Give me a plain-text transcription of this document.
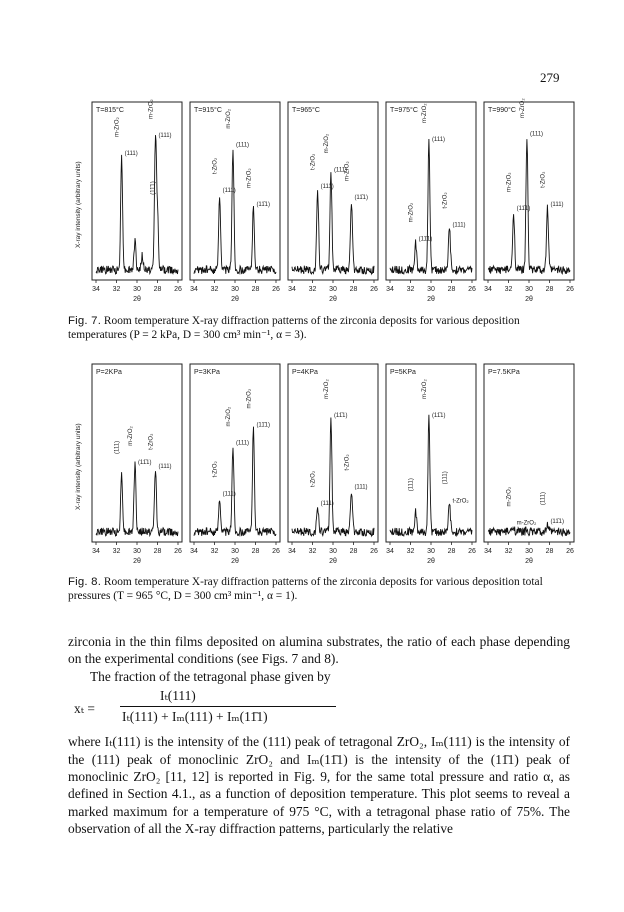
279
X-ray intensity (arbitrary units)
T=815°C
34 32 30 28 26
2θ
m-ZrO₂
(111)
m-ZrO₂
(111)
(11̄1)
T=915°C
34 32 30 28 26
2θ
m-ZrO₂
(111)
t-ZrO₂
(111)
m-ZrO₂
(11̄1)
T=965°C
34 32 30 28 26
2θ
m-ZrO₂
(111)
t-ZrO₂
(111)
m-ZrO₂
(11̄1)
T=975°C
34 32 30 28 26
2θ
m-ZrO₂
(111)
t-ZrO₂
(111)
m-ZrO₂
(11̄1)
T=990°C
34 32 30 28 26
2θ
m-ZrO₂
(111)
t-ZrO₂
(111)
m-ZrO₂
(11̄1)
Fig. 7. Room temperature X-ray diffraction patterns of the zirconia deposits for various deposition temperatures (P = 2 kPa, D = 300 cm³ min⁻¹, α = 3).
X-ray intensity (arbitrary units)
P=2KPa
34 32 30 28 26
2θ
m-ZrO₂
(11̄1)
t-ZrO₂
(111)
(111)
P=3KPa
34 32 30 28 26
2θ
m-ZrO₂
(11̄1)
m-ZrO₂
(111)
t-ZrO₂
(111)
P=4KPa
34 32 30 28 26
2θ
m-ZrO₂
(11̄1)
t-ZrO₂
(111)
t-ZrO₂
(111)
P=5KPa
34 32 30 28 26
2θ
m-ZrO₂
(11̄1)
(111)
t-ZrO₂
(111)
P=7.5KPa
34 32 30 28 26
2θ
(111)
(11̄1)
m-ZrO₂
m-ZrO₂
Fig. 8. Room temperature X-ray diffraction patterns of the zirconia deposits for various deposition total pressures (T = 965 °C, D = 300 cm³ min⁻¹, α = 1).

zirconia in the thin films deposited on alumina substrates, the ratio of each phase depending on the experimental conditions (see Figs. 7 and 8).

The fraction of the tetragonal phase given by

xₜ =
Iₜ(111)
Iₜ(111) + Iₘ(111) + Iₘ(11̄1)

where Iₜ(111) is the intensity of the (111) peak of tetragonal ZrO₂, Iₘ(111) is the intensity of the (111) peak of monoclinic ZrO₂ and Iₘ(11̄1) is the intensity of the (11̄1) peak of monoclinic ZrO₂ [11, 12] is reported in Fig. 9, for the same total pressure and ratio α, as defined in Section 4.1., as a function of deposition temperature. This plot seems to reveal a marked maximum for a temperature of 975 °C, with a tetragonal phase ratio of 75%. The observation of all the X-ray diffraction patterns, particularly the relative
